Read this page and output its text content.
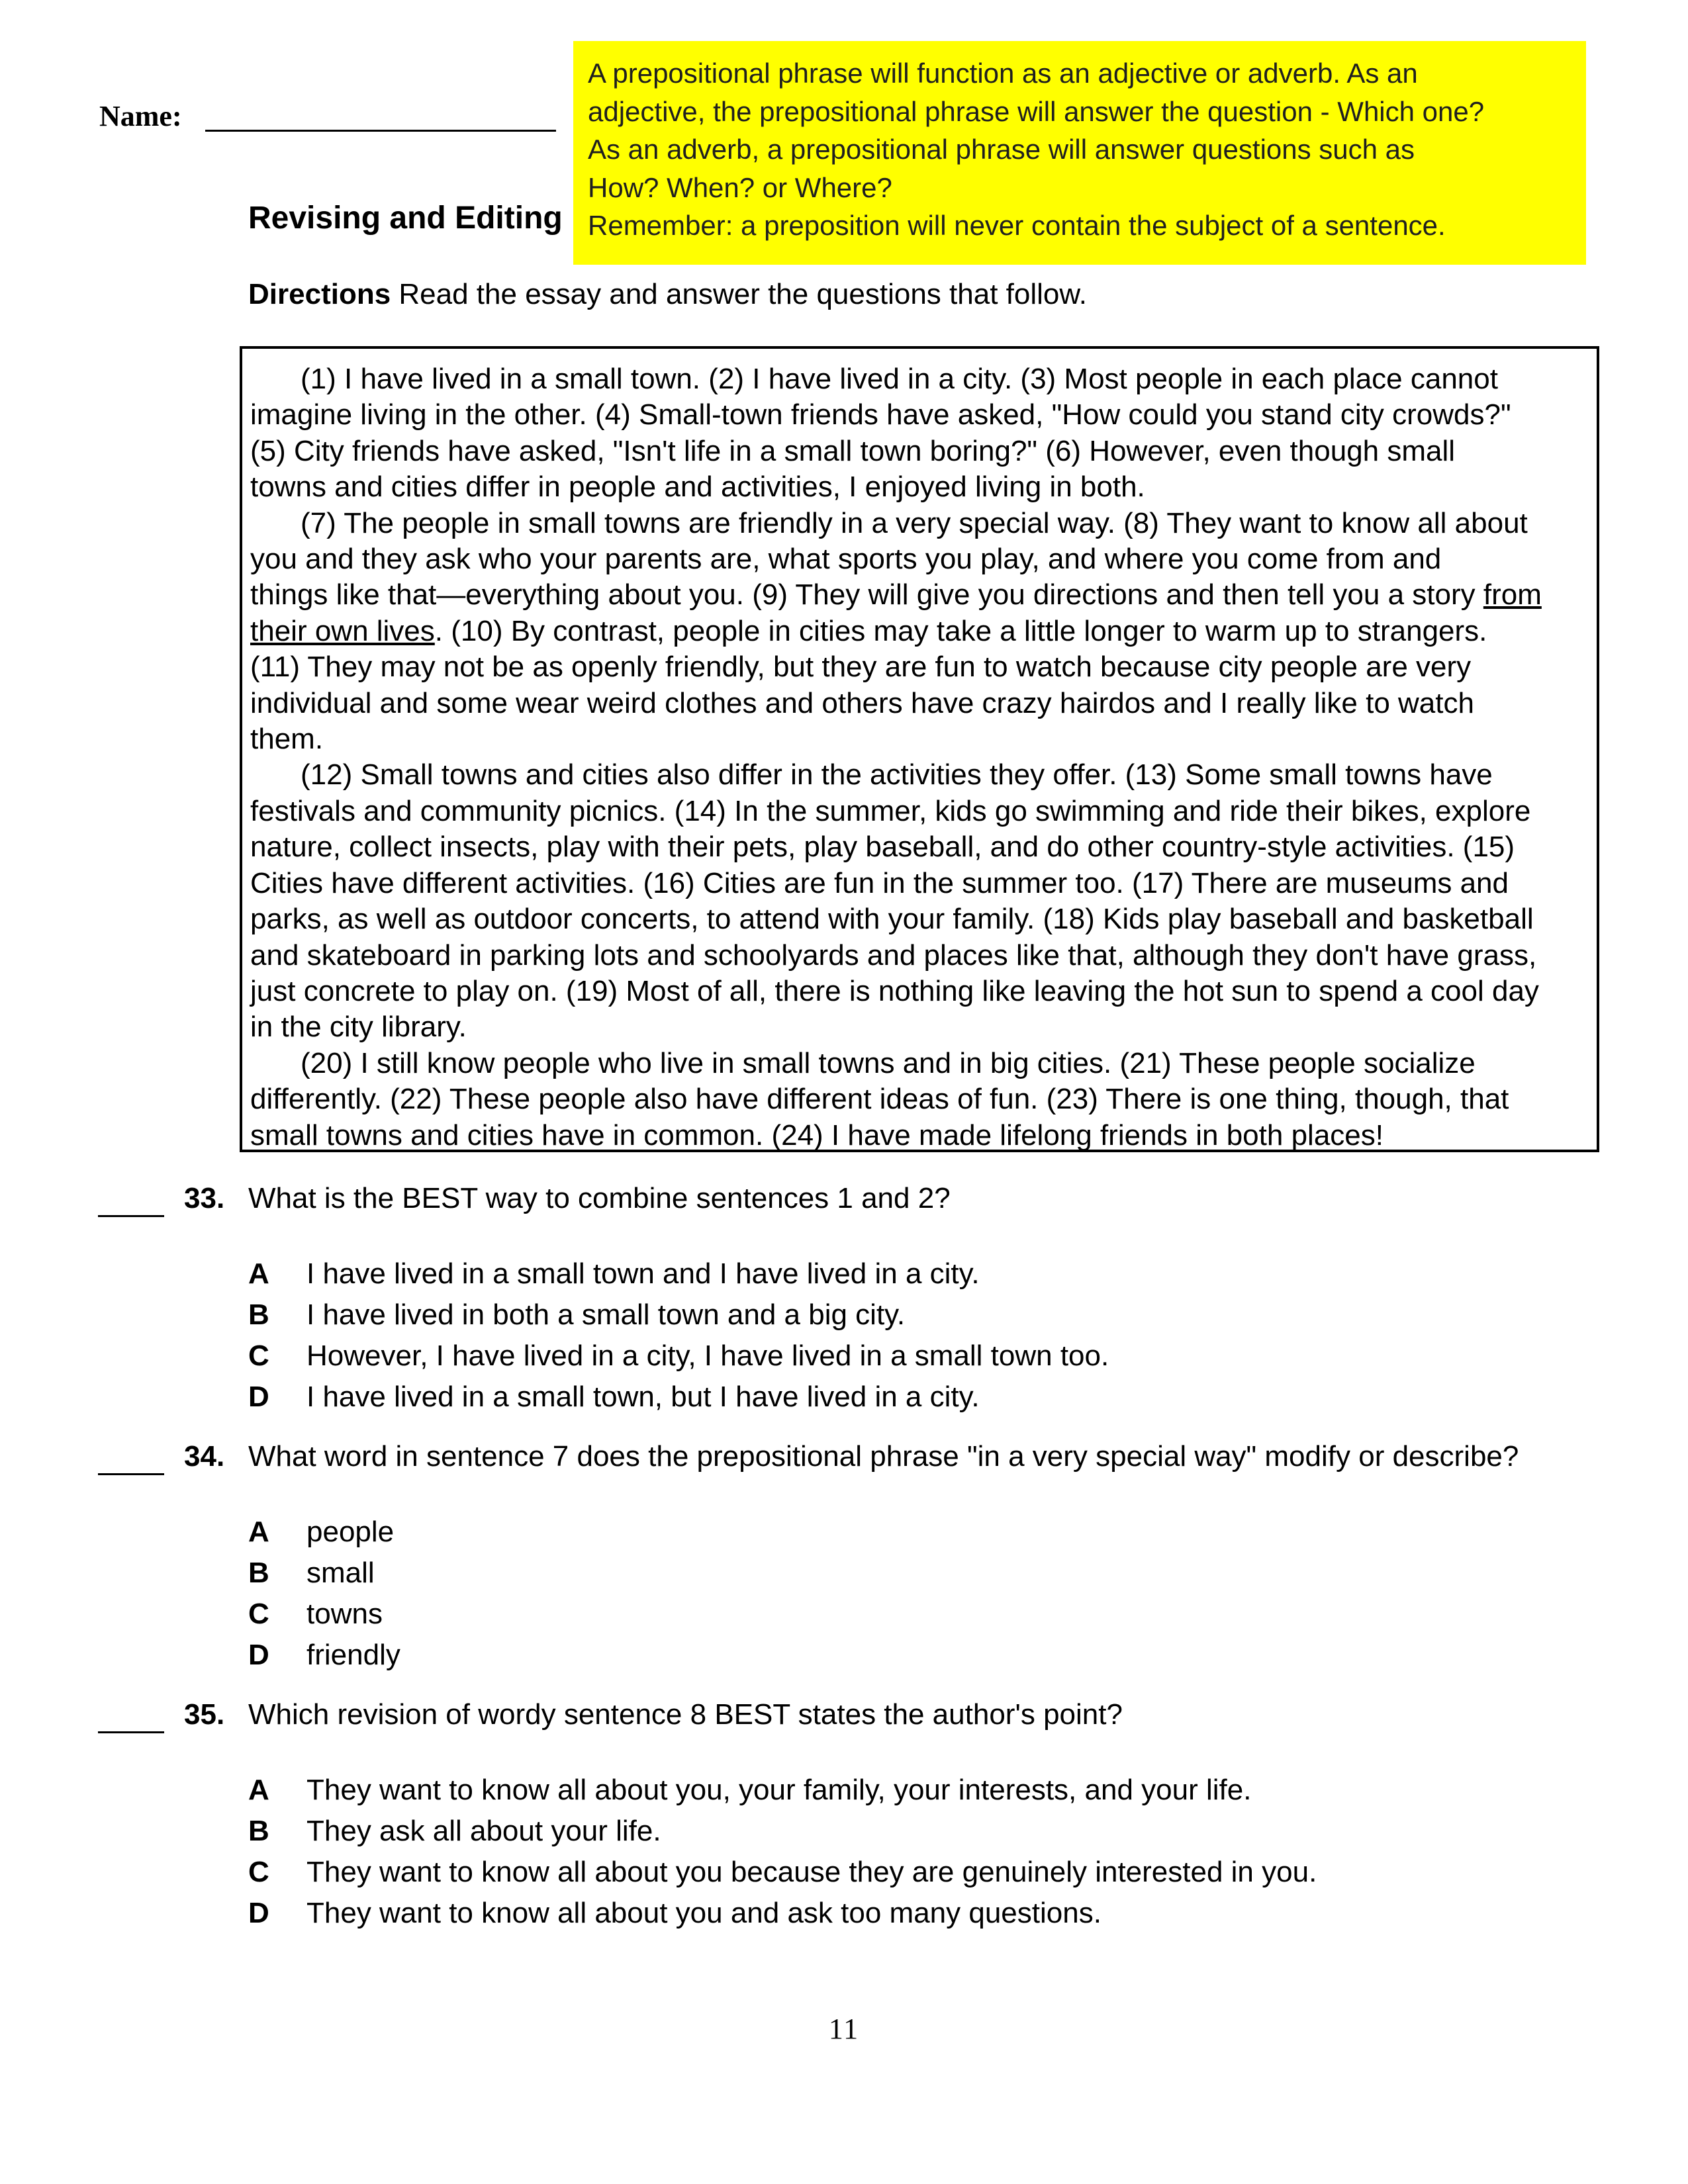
Name:
A prepositional phrase will function as an adjective or adverb. As an
adjective, the prepositional phrase will answer the question - Which one?
As an adverb, a prepositional phrase will answer questions such as
How? When? or Where?
Remember: a preposition will never contain the subject of a sentence.
Revising and Editing
Directions Read the essay and answer the questions that follow.
(1) I have lived in a small town. (2) I have lived in a city. (3) Most people in each place cannot
imagine living in the other. (4) Small-town friends have asked, "How could you stand city crowds?"
(5) City friends have asked, "Isn't life in a small town boring?" (6) However, even though small
towns and cities differ in people and activities, I enjoyed living in both.
(7) The people in small towns are friendly in a very special way. (8) They want to know all about
you and they ask who your parents are, what sports you play, and where you come from and
things like that—everything about you. (9) They will give you directions and then tell you a story from
their own lives. (10) By contrast, people in cities may take a little longer to warm up to strangers.
(11) They may not be as openly friendly, but they are fun to watch because city people are very
individual and some wear weird clothes and others have crazy hairdos and I really like to watch
them.
(12) Small towns and cities also differ in the activities they offer. (13) Some small towns have
festivals and community picnics. (14) In the summer, kids go swimming and ride their bikes, explore
nature, collect insects, play with their pets, play baseball, and do other country-style activities. (15)
Cities have different activities. (16) Cities are fun in the summer too. (17) There are museums and
parks, as well as outdoor concerts, to attend with your family. (18) Kids play baseball and basketball
and skateboard in parking lots and schoolyards and places like that, although they don't have grass,
just concrete to play on. (19) Most of all, there is nothing like leaving the hot sun to spend a cool day
in the city library.
(20) I still know people who live in small towns and in big cities. (21) These people socialize
differently. (22) These people also have different ideas of fun. (23) There is one thing, though, that
small towns and cities have in common. (24) I have made lifelong friends in both places!
33. What is the BEST way to combine sentences 1 and 2?
A I have lived in a small town and I have lived in a city.
B I have lived in both a small town and a big city.
C However, I have lived in a city, I have lived in a small town too.
D I have lived in a small town, but I have lived in a city.
34. What word in sentence 7 does the prepositional phrase "in a very special way" modify or describe?
A people
B small
C towns
D friendly
35. Which revision of wordy sentence 8 BEST states the author's point?
A They want to know all about you, your family, your interests, and your life.
B They ask all about your life.
C They want to know all about you because they are genuinely interested in you.
D They want to know all about you and ask too many questions.
11
